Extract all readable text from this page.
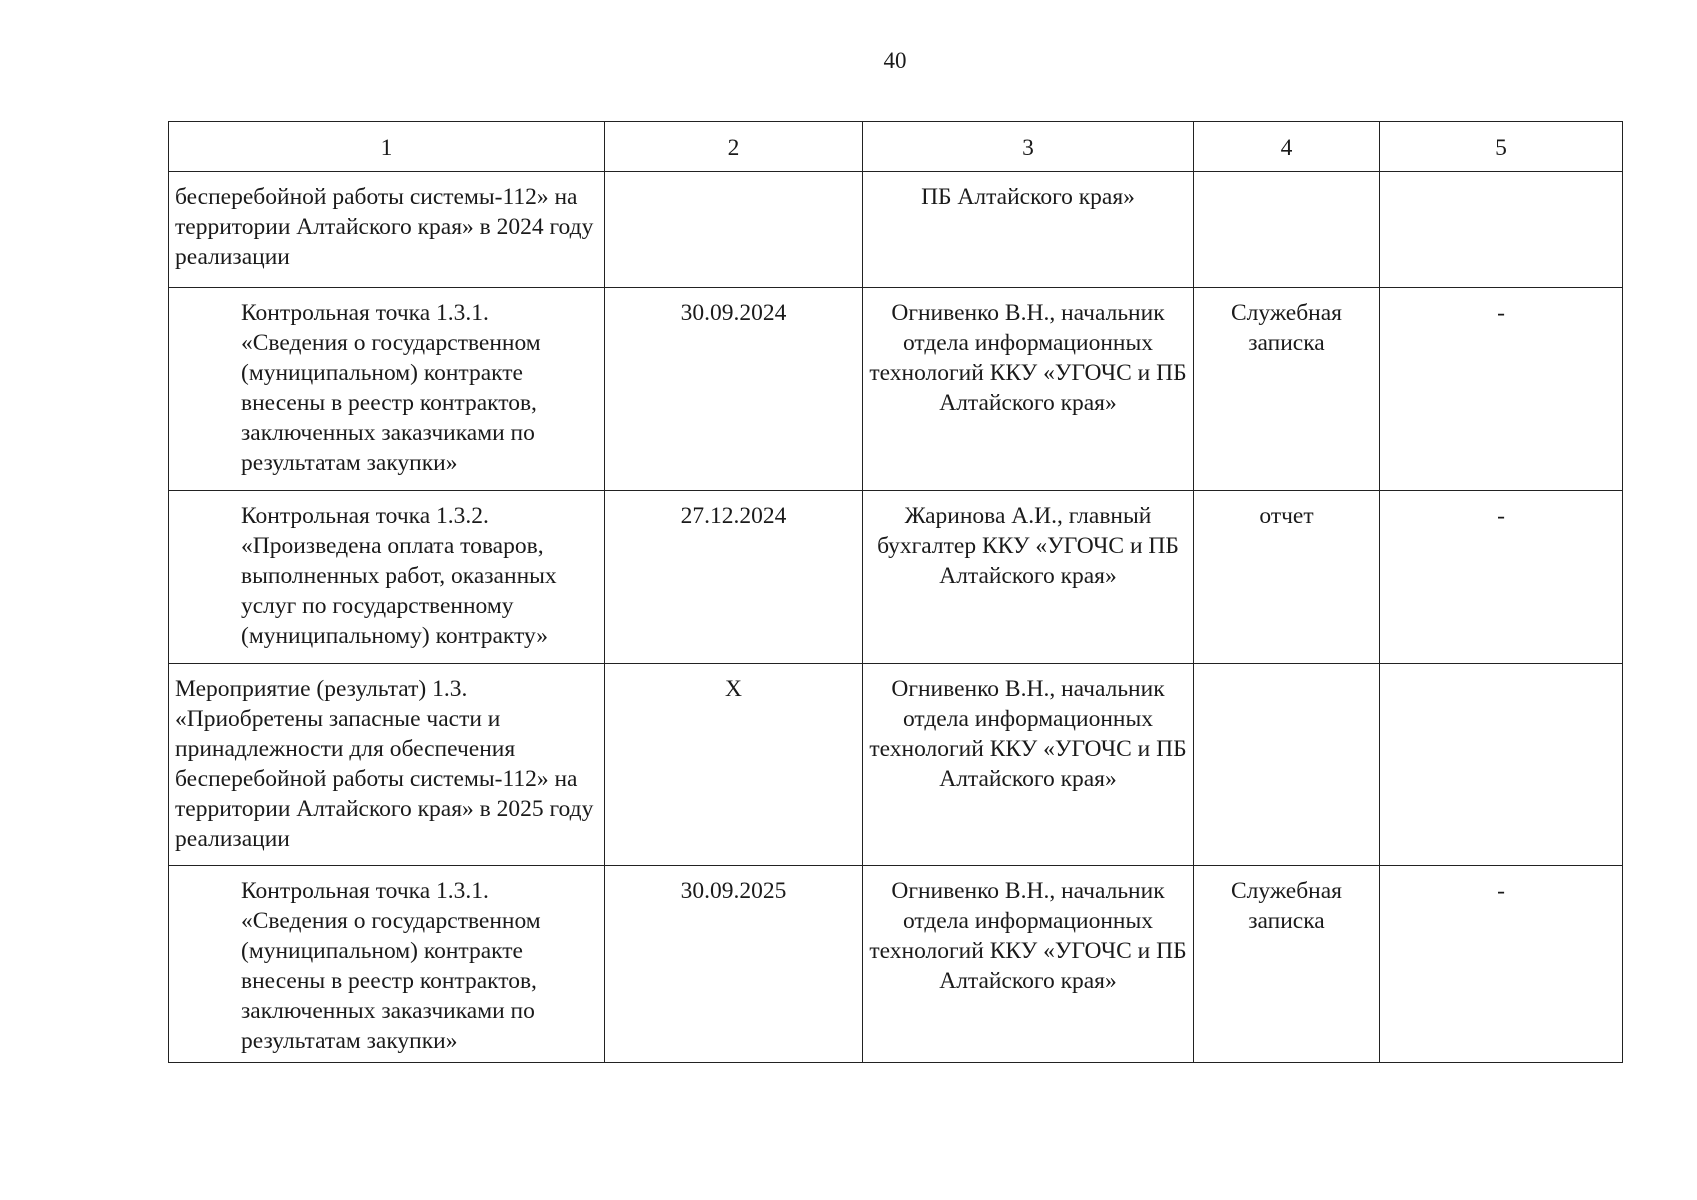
40
1	2	3	4	5
бесперебойной работы системы-112» на территории Алтайского края» в 2024 году реализации		ПБ Алтайского края»		
Контрольная точка 1.3.1. «Сведения о государственном (муниципальном) контракте внесены в реестр контрактов, заключенных заказчиками по результатам закупки»	30.09.2024	Огнивенко В.Н., начальник отдела информационных технологий ККУ «УГОЧС и ПБ Алтайского края»	Служебная записка	-
Контрольная точка 1.3.2. «Произведена оплата товаров, выполненных работ, оказанных услуг по государственному (муниципальному) контракту»	27.12.2024	Жаринова А.И., главный бухгалтер ККУ «УГОЧС и ПБ Алтайского края»	отчет	-
Мероприятие (результат) 1.3. «Приобретены запасные части и принадлежности для обеспечения бесперебойной работы системы-112» на территории Алтайского края» в 2025 году реализации	X	Огнивенко В.Н., начальник отдела информационных технологий ККУ «УГОЧС и ПБ Алтайского края»		
Контрольная точка 1.3.1. «Сведения о государственном (муниципальном) контракте внесены в реестр контрактов, заключенных заказчиками по результатам закупки»	30.09.2025	Огнивенко В.Н., начальник отдела информационных технологий ККУ «УГОЧС и ПБ Алтайского края»	Служебная записка	-
